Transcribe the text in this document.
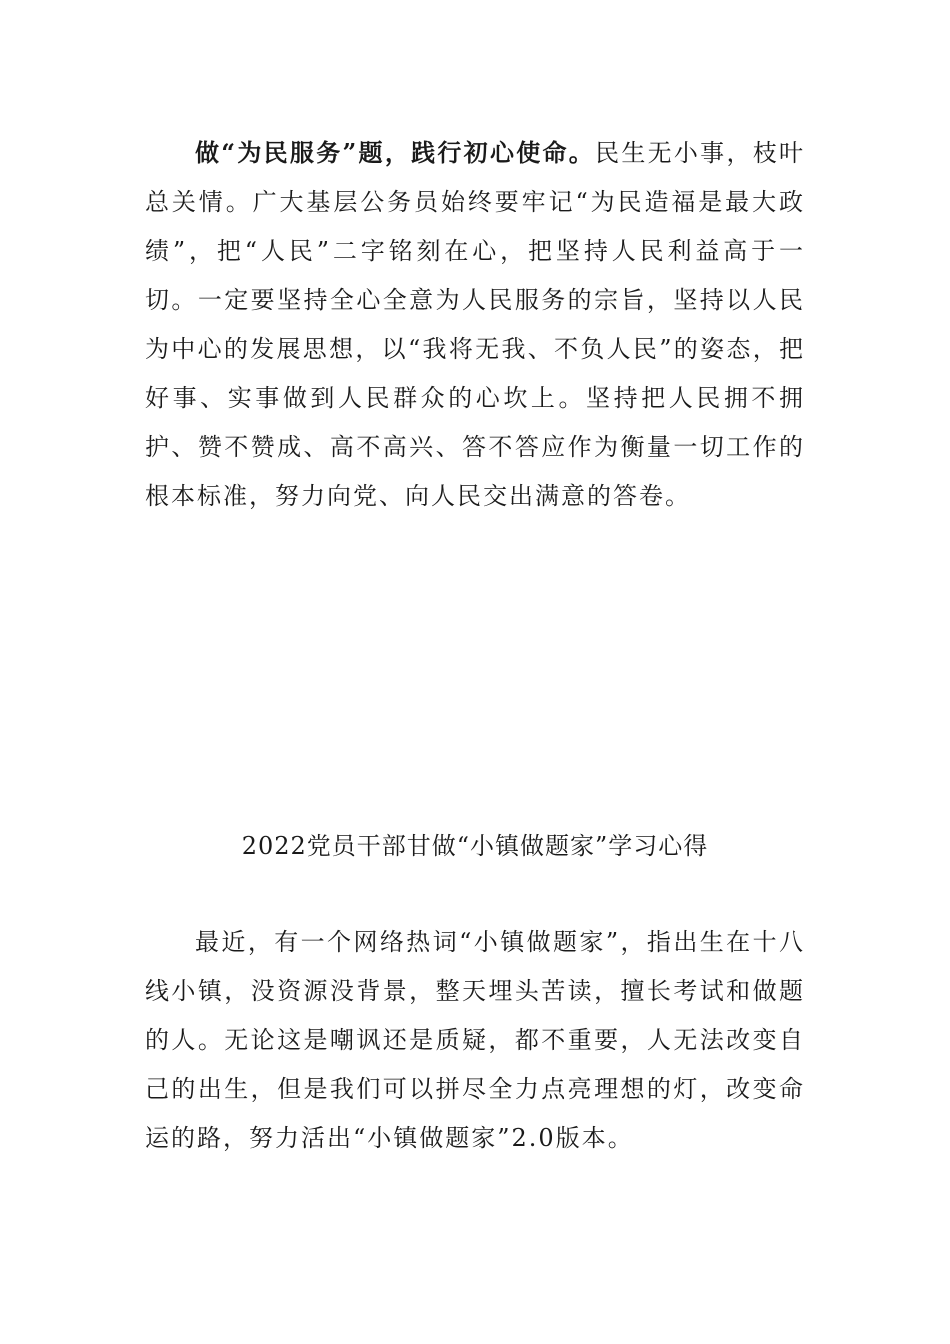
做“为民服务”题，践行初心使命。民生无小事，枝叶总关情。广大基层公务员始终要牢记“为民造福是最大政绩”，把“人民”二字铭刻在心，把坚持人民利益高于一切。一定要坚持全心全意为人民服务的宗旨，坚持以人民为中心的发展思想，以“我将无我、不负人民”的姿态，把好事、实事做到人民群众的心坎上。坚持把人民拥不拥护、赞不赞成、高不高兴、答不答应作为衡量一切工作的根本标准，努力向党、向人民交出满意的答卷。

2022党员干部甘做“小镇做题家”学习心得

最近，有一个网络热词“小镇做题家”，指出生在十八线小镇，没资源没背景，整天埋头苦读，擅长考试和做题的人。无论这是嘲讽还是质疑，都不重要，人无法改变自己的出生，但是我们可以拼尽全力点亮理想的灯，改变命运的路，努力活出“小镇做题家”2.0版本。
